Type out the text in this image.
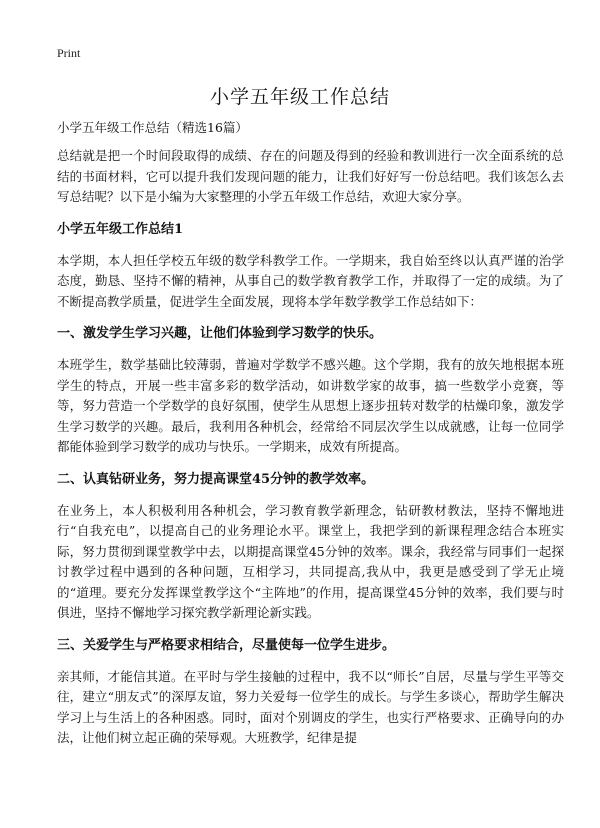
Print
小学五年级工作总结
小学五年级工作总结（精选16篇）

总结就是把一个时间段取得的成绩、存在的问题及得到的经验和教训进行一次全面系统的总结的书面材料，它可以提升我们发现问题的能力，让我们好好写一份总结吧。我们该怎么去写总结呢？以下是小编为大家整理的小学五年级工作总结，欢迎大家分享。

小学五年级工作总结1

本学期，本人担任学校五年级的数学科教学工作。一学期来，我自始至终以认真严谨的治学态度，勤恳、坚持不懈的精神，从事自己的数学教育教学工作，并取得了一定的成绩。为了不断提高教学质量，促进学生全面发展，现将本学年数学教学工作总结如下：

一、激发学生学习兴趣，让他们体验到学习数学的快乐。

本班学生，数学基础比较薄弱，普遍对学数学不感兴趣。这个学期，我有的放矢地根据本班学生的特点，开展一些丰富多彩的数学活动，如讲数学家的故事，搞一些数学小竞赛，等等，努力营造一个学数学的良好氛围，使学生从思想上逐步扭转对数学的枯燥印象，激发学生学习数学的兴趣。最后，我利用各种机会，经常给不同层次学生以成就感，让每一位同学都能体验到学习数学的成功与快乐。一学期来，成效有所提高。

二、认真钻研业务，努力提高课堂45分钟的教学效率。

在业务上，本人积极利用各种机会，学习教育教学新理念，钻研教材教法，坚持不懈地进行“自我充电”，以提高自己的业务理论水平。课堂上，我把学到的新课程理念结合本班实际，努力贯彻到课堂教学中去，以期提高课堂45分钟的效率。课余，我经常与同事们一起探讨教学过程中遇到的各种问题，互相学习，共同提高,我从中，我更是感受到了学无止境的“道理。要充分发挥课堂教学这个“主阵地”的作用，提高课堂45分钟的效率，我们要与时俱进，坚持不懈地学习探究教学新理论新实践。

三、关爱学生与严格要求相结合，尽量使每一位学生进步。

亲其师，才能信其道。在平时与学生接触的过程中，我不以“师长”自居，尽量与学生平等交往，建立“朋友式”的深厚友谊，努力关爱每一位学生的成长。与学生多谈心，帮助学生解决学习上与生活上的各种困惑。同时，面对个别调皮的学生，也实行严格要求、正确导向的办法，让他们树立起正确的荣辱观。大班教学，纪律是提
